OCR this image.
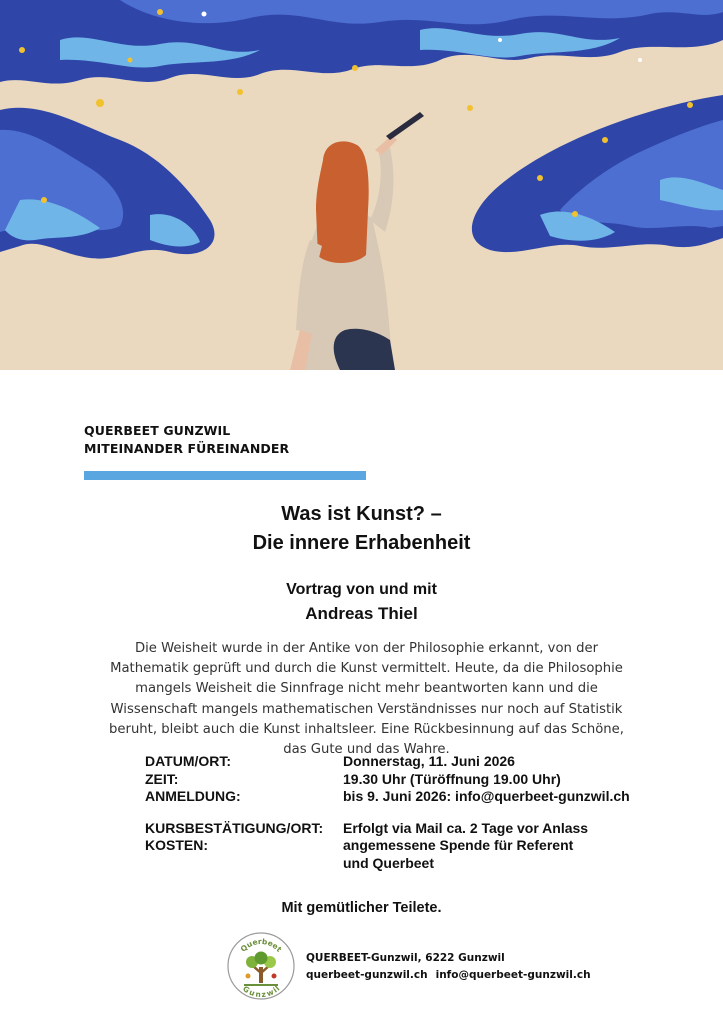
QUERBEET GUNZWIL
MITEINANDER FÜREINANDER
Was ist Kunst? –
Die innere Erhabenheit
Vortrag von und mit
Andreas Thiel
Die Weisheit wurde in der Antike von der Philosophie erkannt, von der Mathematik geprüft und durch die Kunst vermittelt. Heute, da die Philosophie mangels Weisheit die Sinnfrage nicht mehr beantworten kann und die Wissenschaft mangels mathematischen Verständnisses nur noch auf Statistik beruht, bleibt auch die Kunst inhaltsleer. Eine Rückbesinnung auf das Schöne, das Gute und das Wahre.
DATUM/ORT:	Donnerstag, 11. Juni 2026
ZEIT:	19.30 Uhr (Türöffnung 19.00 Uhr)
ANMELDUNG:	bis 9. Juni 2026: info@querbeet-gunzwil.ch
KURSBESTÄTIGUNG/ORT:	Erfolgt via Mail ca. 2 Tage vor Anlass
KOSTEN:	angemessene Spende für Referent
und Querbeet
Mit gemütlicher Teilete.
Querbeet
Gunzwil
QUERBEET-Gunzwil, 6222 Gunzwil
querbeet-gunzwil.ch info@querbeet-gunzwil.ch
